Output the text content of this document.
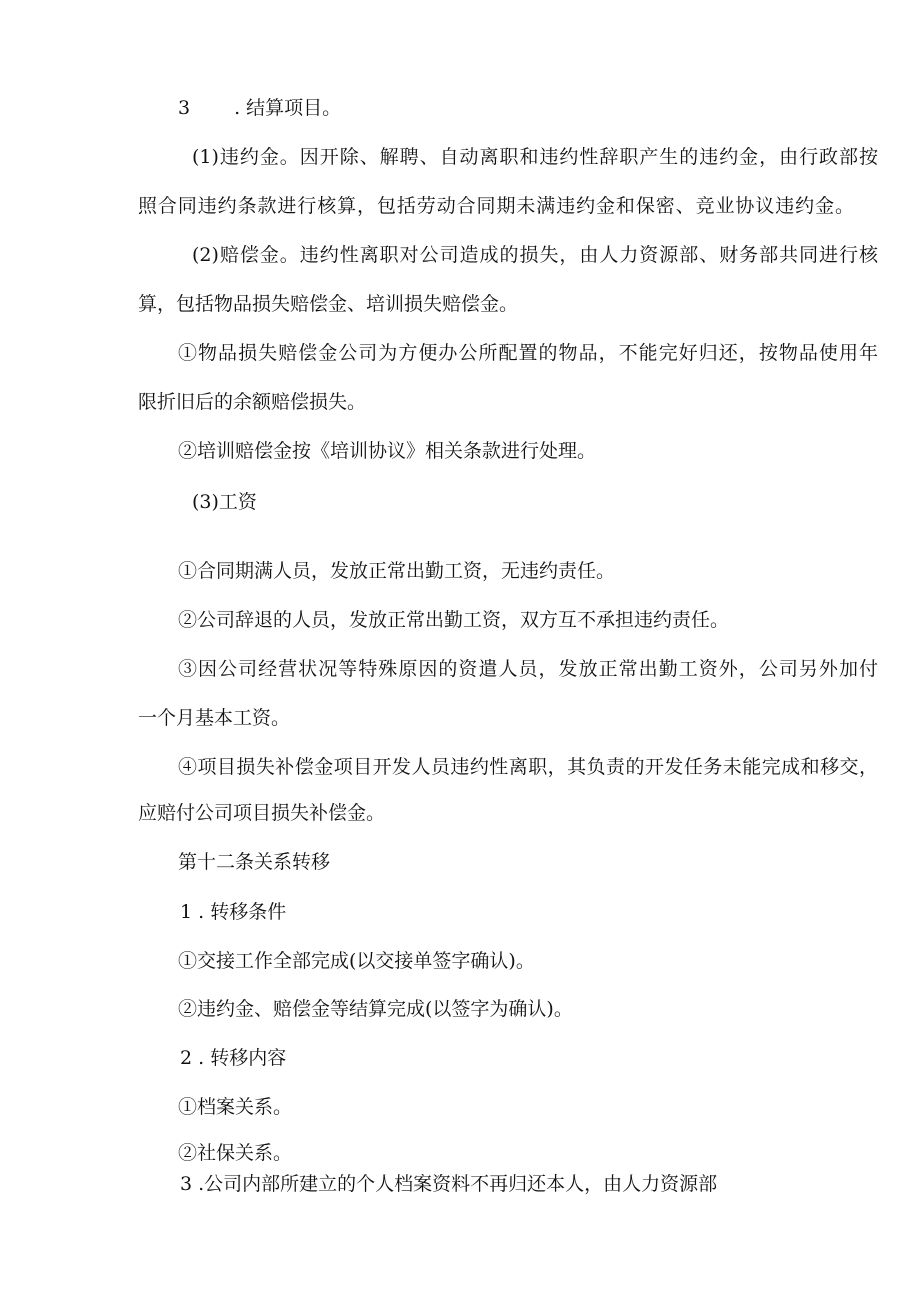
3 . 结算项目。
(1)违约金。因开除、解聘、自动离职和违约性辞职产生的违约金，由行政部按
照合同违约条款进行核算，包括劳动合同期未满违约金和保密、竞业协议违约金。
(2)赔偿金。违约性离职对公司造成的损失，由人力资源部、财务部共同进行核
算，包括物品损失赔偿金、培训损失赔偿金。
①物品损失赔偿金公司为方便办公所配置的物品，不能完好归还，按物品使用年
限折旧后的余额赔偿损失。
②培训赔偿金按《培训协议》相关条款进行处理。
(3)工资
①合同期满人员，发放正常出勤工资，无违约责任。
②公司辞退的人员，发放正常出勤工资，双方互不承担违约责任。
③因公司经营状况等特殊原因的资遣人员，发放正常出勤工资外，公司另外加付
一个月基本工资。
④项目损失补偿金项目开发人员违约性离职，其负责的开发任务未能完成和移交，
应赔付公司项目损失补偿金。
第十二条关系转移
1 . 转移条件
①交接工作全部完成(以交接单签字确认)。
②违约金、赔偿金等结算完成(以签字为确认)。
2 . 转移内容
①档案关系。
②社保关系。
3 .公司内部所建立的个人档案资料不再归还本人，由人力资源部
